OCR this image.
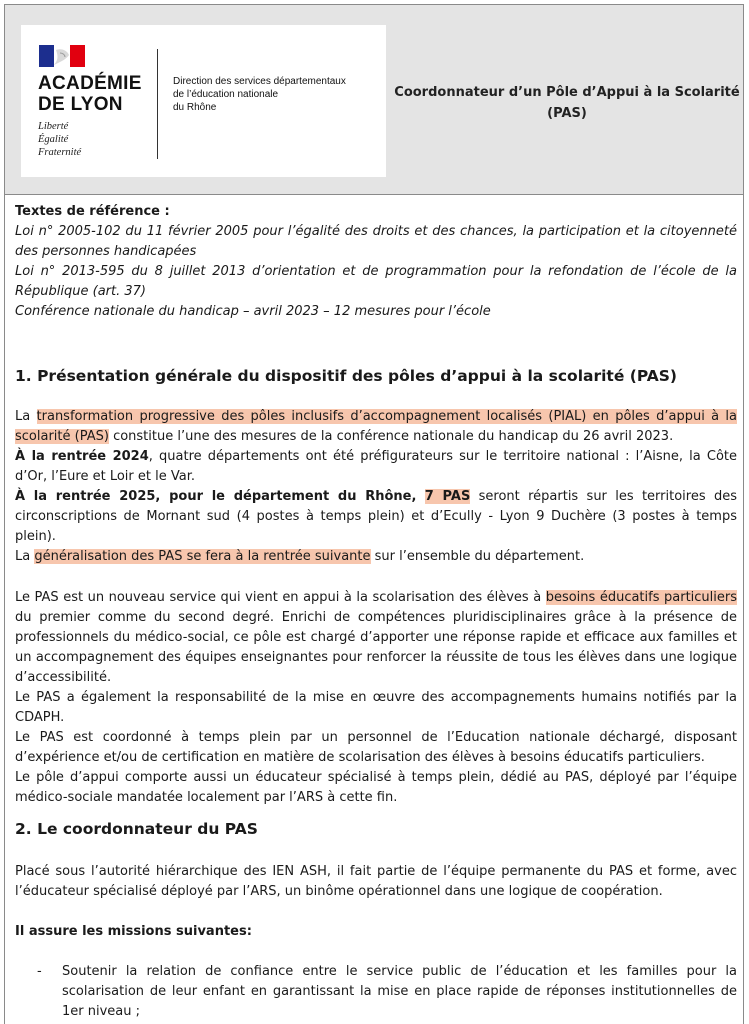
ACADÉMIE
DE LYON
Liberté
Égalité
Fraternité
Direction des services départementaux
de l’éducation nationale
du Rhône
Coordonnateur d’un Pôle d’Appui à la Scolarité (PAS)
Textes de référence :

Loi n° 2005-102 du 11 février 2005 pour l’égalité des droits et des chances, la participation et la citoyenneté des personnes handicapées

Loi n° 2013-595 du 8 juillet 2013 d’orientation et de programmation pour la refondation de l’école de la République (art. 37)

Conférence nationale du handicap – avril 2023 – 12 mesures pour l’école

1. Présentation générale du dispositif des pôles d’appui à la scolarité (PAS)

La transformation progressive des pôles inclusifs d’accompagnement localisés (PIAL) en pôles d’appui à la scolarité (PAS) constitue l’une des mesures de la conférence nationale du handicap du 26 avril 2023.

À la rentrée 2024, quatre départements ont été préfigurateurs sur le territoire national : l’Aisne, la Côte d’Or, l’Eure et Loir et le Var.

À la rentrée 2025, pour le département du Rhône, 7 PAS seront répartis sur les territoires des circonscriptions de Mornant sud (4 postes à temps plein) et d’Ecully - Lyon 9 Duchère (3 postes à temps plein).

La généralisation des PAS se fera à la rentrée suivante sur l’ensemble du département.

Le PAS est un nouveau service qui vient en appui à la scolarisation des élèves à besoins éducatifs particuliers du premier comme du second degré. Enrichi de compétences pluridisciplinaires grâce à la présence de professionnels du médico-social, ce pôle est chargé d’apporter une réponse rapide et efficace aux familles et un accompagnement des équipes enseignantes pour renforcer la réussite de tous les élèves dans une logique d’accessibilité.

Le PAS a également la responsabilité de la mise en œuvre des accompagnements humains notifiés par la CDAPH.

Le PAS est coordonné à temps plein par un personnel de l’Education nationale déchargé, disposant d’expérience et/ou de certification en matière de scolarisation des élèves à besoins éducatifs particuliers.

Le pôle d’appui comporte aussi un éducateur spécialisé à temps plein, dédié au PAS, déployé par l’équipe médico-sociale mandatée localement par l’ARS à cette fin.

2. Le coordonnateur du PAS

Placé sous l’autorité hiérarchique des IEN ASH, il fait partie de l’équipe permanente du PAS et forme, avec l’éducateur spécialisé déployé par l’ARS, un binôme opérationnel dans une logique de coopération.

Il assure les missions suivantes:
- Soutenir la relation de confiance entre le service public de l’éducation et les familles pour la scolarisation de leur enfant en garantissant la mise en place rapide de réponses institutionnelles de 1er niveau ;
